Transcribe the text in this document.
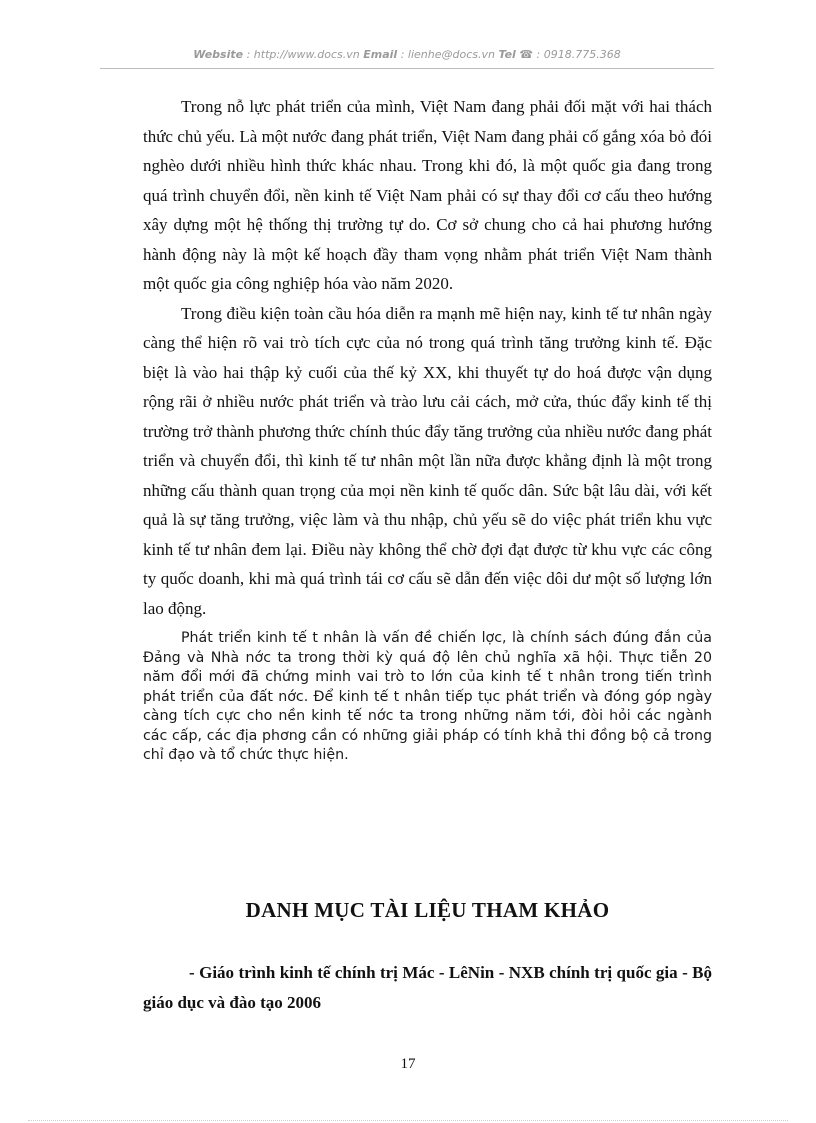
Website : http://www.docs.vn Email : lienhe@docs.vn Tel ☎ : 0918.775.368

Trong nỗ lực phát triển của mình, Việt Nam đang phải đối mặt với hai thách thức chủ yếu. Là một nước đang phát triển, Việt Nam đang phải cố gắng xóa bỏ đói nghèo dưới nhiều hình thức khác nhau. Trong khi đó, là một quốc gia đang trong quá trình chuyển đổi, nền kinh tế Việt Nam phải có sự thay đổi cơ cấu theo hướng xây dựng một hệ thống thị trường tự do. Cơ sở chung cho cả hai phương hướng hành động này là một kế hoạch đầy tham vọng nhằm phát triển Việt Nam thành một quốc gia công nghiệp hóa vào năm 2020.

Trong điều kiện toàn cầu hóa diễn ra mạnh mẽ hiện nay, kinh tế tư nhân ngày càng thể hiện rõ vai trò tích cực của nó trong quá trình tăng trưởng kinh tế. Đặc biệt là vào hai thập kỷ cuối của thế kỷ XX, khi thuyết tự do hoá được vận dụng rộng rãi ở nhiều nước phát triển và trào lưu cải cách, mở cửa, thúc đẩy kinh tế thị trường trở thành phương thức chính thúc đẩy tăng trưởng của nhiều nước đang phát triển và chuyển đổi, thì kinh tế tư nhân một lần nữa được khẳng định là một trong những cấu thành quan trọng của mọi nền kinh tế quốc dân. Sức bật lâu dài, với kết quả là sự tăng trưởng, việc làm và thu nhập, chủ yếu sẽ do việc phát triển khu vực kinh tế tư nhân đem lại. Điều này không thể chờ đợi đạt được từ khu vực các công ty quốc doanh, khi mà quá trình tái cơ cấu sẽ dẫn đến việc dôi dư một số lượng lớn lao động.

Phát triển kinh tế t nhân là vấn đề chiến lợc, là chính sách đúng đắn của Đảng và Nhà nớc ta trong thời kỳ quá độ lên chủ nghĩa xã hội. Thực tiễn 20 năm đổi mới đã chứng minh vai trò to lớn của kinh tế t nhân trong tiến trình phát triển của đất nớc. Để kinh tế t nhân tiếp tục phát triển và đóng góp ngày càng tích cực cho nền kinh tế nớc ta trong những năm tới, đòi hỏi các ngành các cấp, các địa phơng cần có những giải pháp có tính khả thi đồng bộ cả trong chỉ đạo và tổ chức thực hiện.

DANH MỤC TÀI LIỆU THAM KHẢO

- Giáo trình kinh tế chính trị Mác - LêNin - NXB chính trị quốc gia - Bộ giáo dục và đào tạo 2006

17
